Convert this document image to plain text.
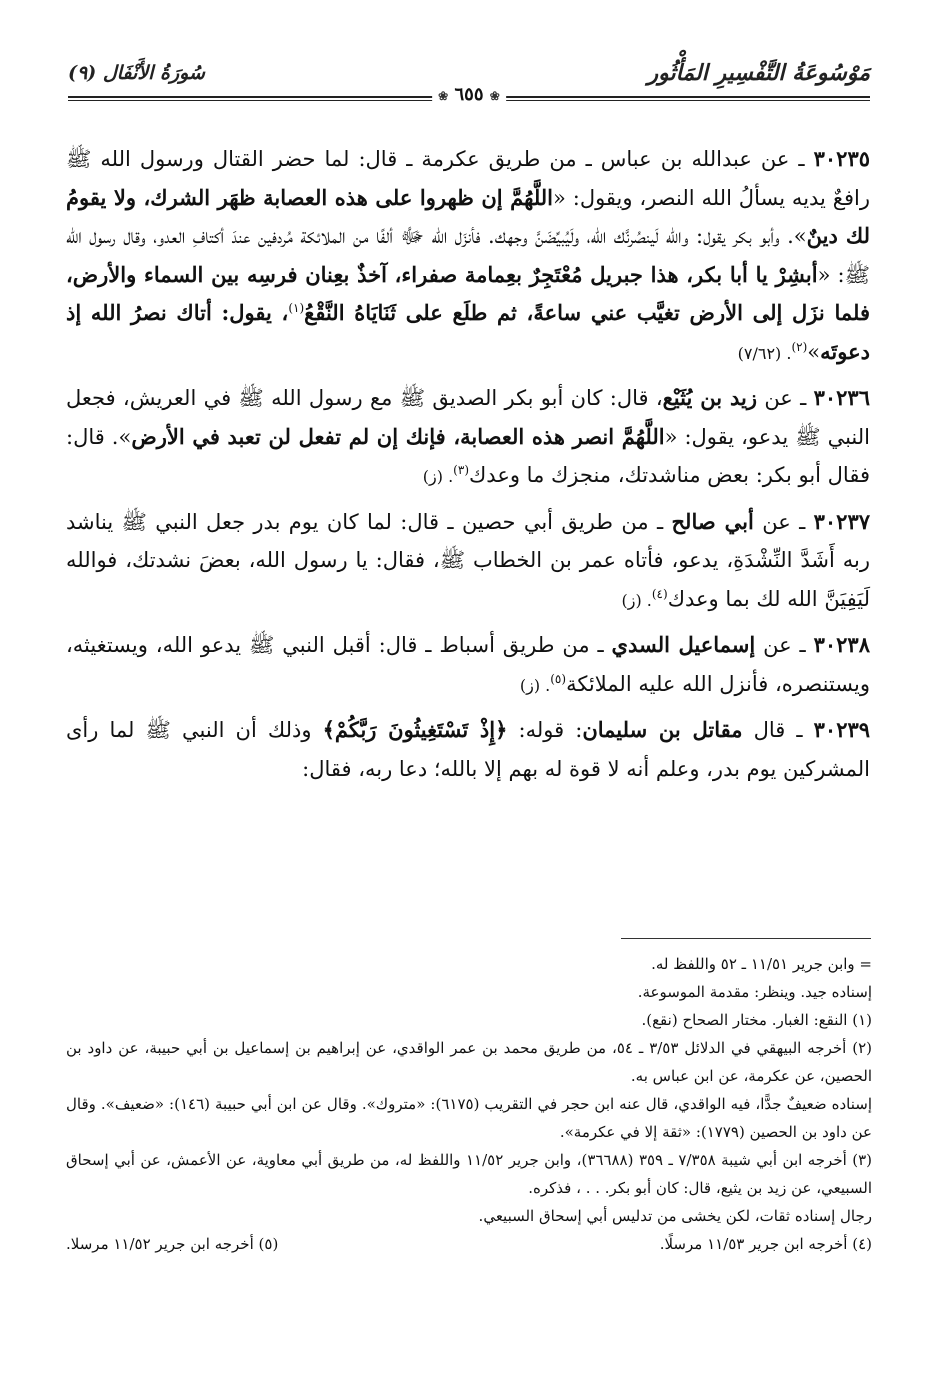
مَوْسُوعَةُ التَّفْسِيرِ المَأْثُور
سُورَةُ الأَنْفَال (٩)
❀ ٦٥٥ ❀

٣٠٢٣٥ ـ عن عبدالله بن عباس ـ من طريق عكرمة ـ قال: لما حضر القتال ورسول الله ﷺ رافعٌ يديه يسألُ الله النصر، ويقول: «اللَّهُمَّ إن ظهروا على هذه العصابة ظهَر الشرك، ولا يقومُ لك دينٌ». وأبو بكر يقول: والله لَينصُرنَّك الله، ولَيُبيِّضَنَّ وجهك. فأنزَل الله ﷻ ألفًا من الملائكة مُردفين عندَ أكتافِ العدو، وقال رسول الله ﷺ: «أبشِرْ يا أبا بكر، هذا جبريل مُعْتَجِرٌ بعِمامة صفراء، آخذٌ بعِنان فرسِه بين السماء والأرض، فلما نزَل إلى الأرض تغيَّب عني ساعةً، ثم طلَع على ثَنَايَاهُ النَّقْعُ$^{(١)}$، يقول: أتاك نصرُ الله إذ دعوتَه»$^{(٢)}$. (٧/٦٢)

٣٠٢٣٦ ـ عن زيد بن يُثَيْع، قال: كان أبو بكر الصديق ﷺ مع رسول الله ﷺ في العريش، فجعل النبي ﷺ يدعو، يقول: «اللَّهُمَّ انصر هذه العصابة، فإنك إن لم تفعل لن تعبد في الأرض». قال: فقال أبو بكر: بعض مناشدتك، منجزك ما وعدك$^{(٣)}$. (ز)

٣٠٢٣٧ ـ عن أبي صالح ـ من طريق أبي حصين ـ قال: لما كان يوم بدر جعل النبي ﷺ يناشد ربه أَشَدَّ النِّشْدَةِ، يدعو، فأتاه عمر بن الخطاب ﷺ، فقال: يا رسول الله، بعضَ نشدتك، فوالله لَيَفِيَنَّ الله لك بما وعدك$^{(٤)}$. (ز)

٣٠٢٣٨ ـ عن إسماعيل السدي ـ من طريق أسباط ـ قال: أقبل النبي ﷺ يدعو الله، ويستغيثه، ويستنصره، فأنزل الله عليه الملائكة$^{(٥)}$. (ز)

٣٠٢٣٩ ـ قال مقاتل بن سليمان: قوله: ﴿إِذْ تَسْتَغِيثُونَ رَبَّكُمْ﴾ وذلك أن النبي ﷺ لما رأى المشركين يوم بدر، وعلم أنه لا قوة له بهم إلا بالله؛ دعا ربه، فقال:

= وابن جرير ١١/٥١ ـ ٥٢ واللفظ له.

إسناده جيد. وينظر: مقدمة الموسوعة.

(١) النقع: الغبار. مختار الصحاح (نقع).

(٢) أخرجه البيهقي في الدلائل ٣/٥٣ ـ ٥٤، من طريق محمد بن عمر الواقدي، عن إبراهيم بن إسماعيل بن أبي حبيبة، عن داود بن الحصين، عن عكرمة، عن ابن عباس به.

إسناده ضعيفٌ جدًّا، فيه الواقدي، قال عنه ابن حجر في التقريب (٦١٧٥): «متروك». وقال عن ابن أبي حبيبة (١٤٦): «ضعيف». وقال عن داود بن الحصين (١٧٧٩): «ثقة إلا في عكرمة».

(٣) أخرجه ابن أبي شيبة ٧/٣٥٨ ـ ٣٥٩ (٣٦٦٨٨)، وابن جرير ١١/٥٢ واللفظ له، من طريق أبي معاوية، عن الأعمش، عن أبي إسحاق السبيعي، عن زيد بن يثيع، قال: كان أبو بكر. . . ، فذكره.

رجال إسناده ثقات، لكن يخشى من تدليس أبي إسحاق السبيعي.

(٤) أخرجه ابن جرير ١١/٥٣ مرسلًا.
(٥) أخرجه ابن جرير ١١/٥٢ مرسلا.
